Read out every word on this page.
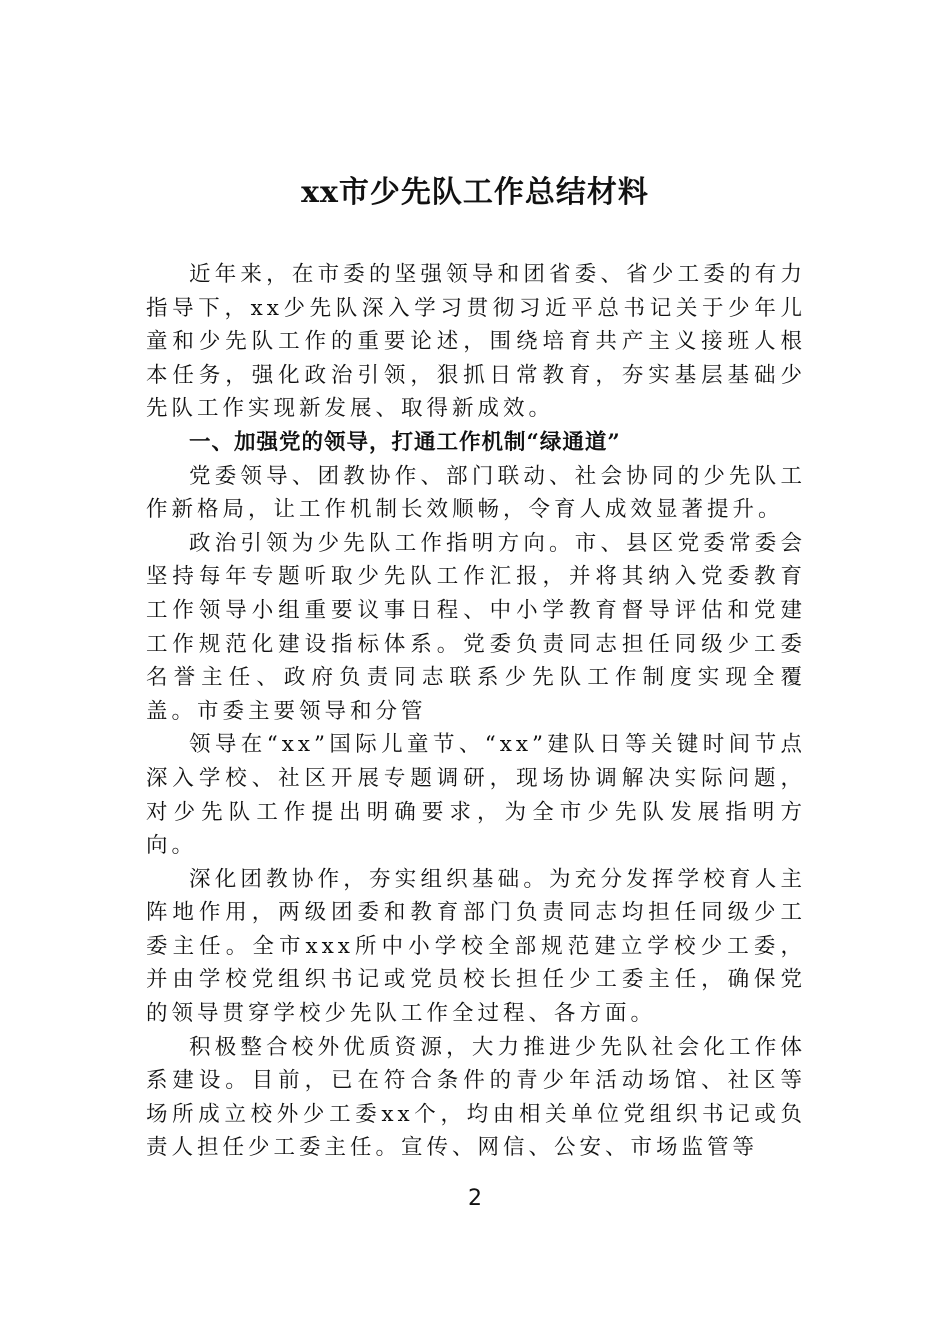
xx市少先队工作总结材料

近年来，在市委的坚强领导和团省委、省少工委的有力指导下，xx少先队深入学习贯彻习近平总书记关于少年儿童和少先队工作的重要论述，围绕培育共产主义接班人根本任务，强化政治引领，狠抓日常教育，夯实基层基础少先队工作实现新发展、取得新成效。

一、加强党的领导，打通工作机制“绿通道”

党委领导、团教协作、部门联动、社会协同的少先队工作新格局，让工作机制长效顺畅，令育人成效显著提升。

政治引领为少先队工作指明方向。市、县区党委常委会坚持每年专题听取少先队工作汇报，并将其纳入党委教育工作领导小组重要议事日程、中小学教育督导评估和党建工作规范化建设指标体系。党委负责同志担任同级少工委名誉主任、政府负责同志联系少先队工作制度实现全覆盖。市委主要领导和分管

领导在“xx”国际儿童节、“xx”建队日等关键时间节点深入学校、社区开展专题调研，现场协调解决实际问题，对少先队工作提出明确要求，为全市少先队发展指明方向。

深化团教协作，夯实组织基础。为充分发挥学校育人主阵地作用，两级团委和教育部门负责同志均担任同级少工委主任。全市xxx所中小学校全部规范建立学校少工委，并由学校党组织书记或党员校长担任少工委主任，确保党的领导贯穿学校少先队工作全过程、各方面。

积极整合校外优质资源，大力推进少先队社会化工作体系建设。目前，已在符合条件的青少年活动场馆、社区等场所成立校外少工委xx个，均由相关单位党组织书记或负责人担任少工委主任。宣传、网信、公安、市场监管等

2
